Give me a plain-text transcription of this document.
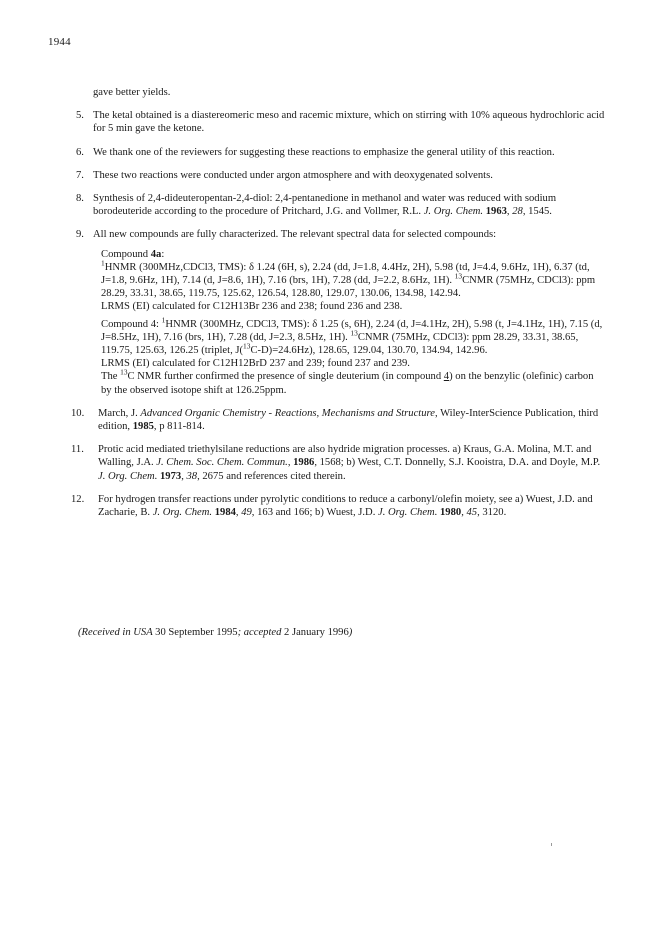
1944

gave better yields.

5. The ketal obtained is a diastereomeric meso and racemic mixture, which on stirring with 10% aqueous hydrochloric acid for 5 min gave the ketone.
6. We thank one of the reviewers for suggesting these reactions to emphasize the general utility of this reaction.
7. These two reactions were conducted under argon atmosphere and with deoxygenated solvents.
8. Synthesis of 2,4-dideuteropentan-2,4-diol: 2,4-pentanedione in methanol and water was reduced with sodium borodeuteride according to the procedure of Pritchard, J.G. and Vollmer, R.L. J. Org. Chem. 1963, 28, 1545.
9. All new compounds are fully characterized. The relevant spectral data for selected compounds:
Compound 4a:
$^1$HNMR (300MHz,CDCl3, TMS): δ 1.24 (6H, s), 2.24 (dd, J=1.8, 4.4Hz, 2H), 5.98 (td, J=4.4, 9.6Hz, 1H), 6.37 (td, J=1.8, 9.6Hz, 1H), 7.14 (d, J=8.6, 1H), 7.16 (brs, 1H), 7.28 (dd, J=2.2, 8.6Hz, 1H). $^{13}$CNMR (75MHz, CDCl3): ppm 28.29, 33.31, 38.65, 119.75, 125.62, 126.54, 128.80, 129.07, 130.06, 134.98, 142.94.
LRMS (EI) calculated for C12H13Br 236 and 238; found 236 and 238.
Compound 4: $^1$HNMR (300MHz, CDCl3, TMS): δ 1.25 (s, 6H), 2.24 (d, J=4.1Hz, 2H), 5.98 (t, J=4.1Hz, 1H), 7.15 (d, J=8.5Hz, 1H), 7.16 (brs, 1H), 7.28 (dd, J=2.3, 8.5Hz, 1H). $^{13}$CNMR (75MHz, CDCl3): ppm 28.29, 33.31, 38.65, 119.75, 125.63, 126.25 (triplet, J($^{13}$C-D)=24.6Hz), 128.65, 129.04, 130.70, 134.94, 142.96.
LRMS (EI) calculated for C12H12BrD 237 and 239; found 237 and 239.
The $^{13}$C NMR further confirmed the presence of single deuterium (in compound 4) on the benzylic (olefinic) carbon by the observed isotope shift at 126.25ppm.
10.	March, J. Advanced Organic Chemistry - Reactions, Mechanisms and Structure, Wiley-InterScience Publication, third edition, 1985, p 811-814.
11.	Protic acid mediated triethylsilane reductions are also hydride migration processes. a) Kraus, G.A. Molina, M.T. and Walling, J.A. J. Chem. Soc. Chem. Commun., 1986, 1568; b) West, C.T. Donnelly, S.J. Kooistra, D.A. and Doyle, M.P. J. Org. Chem. 1973, 38, 2675 and references cited therein.
12.	For hydrogen transfer reactions under pyrolytic conditions to reduce a carbonyl/olefin moiety, see a) Wuest, J.D. and Zacharie, B. J. Org. Chem. 1984, 49, 163 and 166; b) Wuest, J.D. J. Org. Chem. 1980, 45, 3120.
(Received in USA 30 September 1995; accepted 2 January 1996)
